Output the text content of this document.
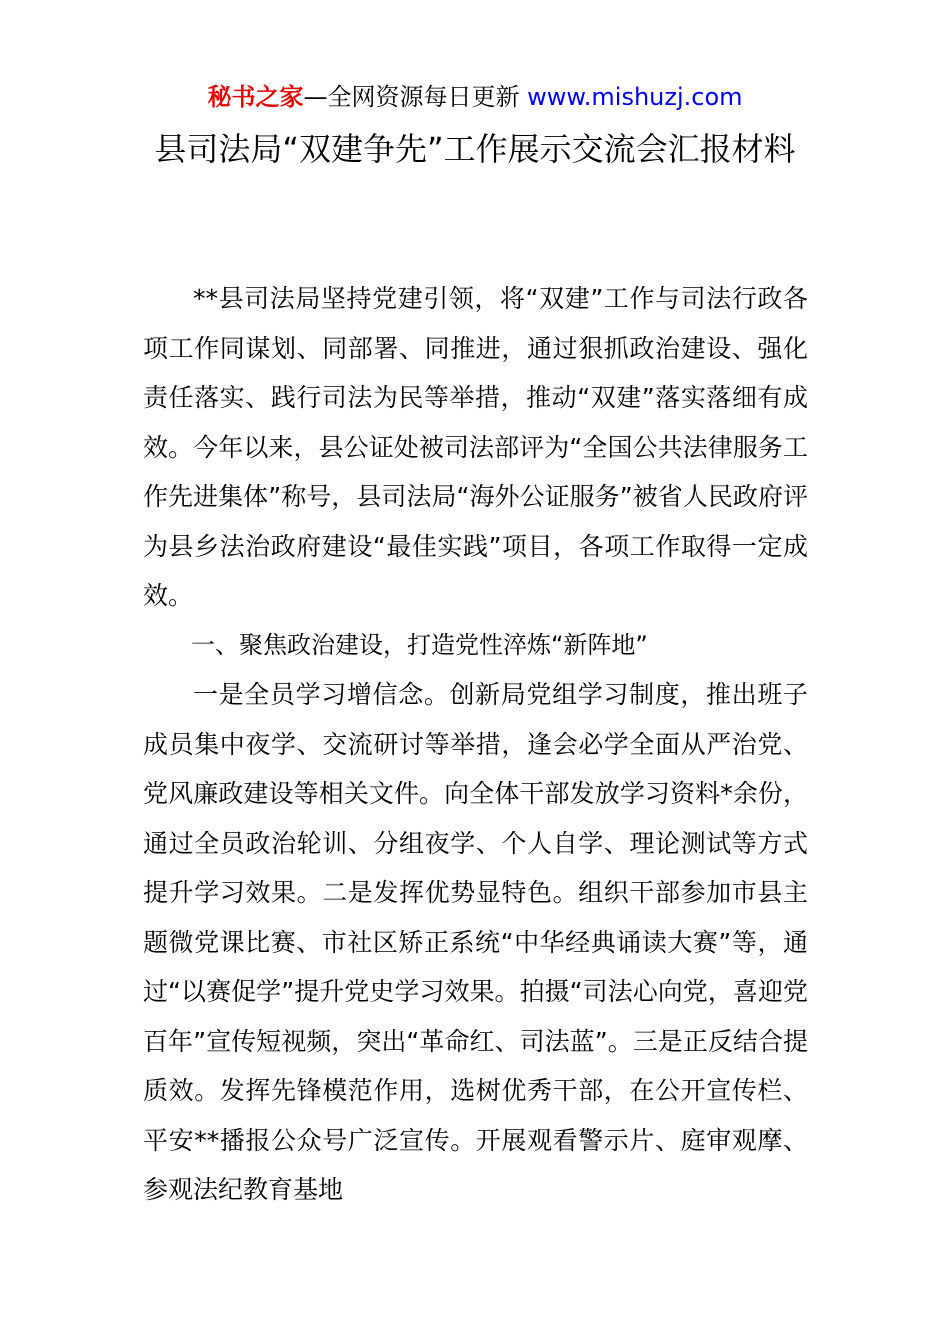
秘书之家—全网资源每日更新 www.mishuzj.com
县司法局“双建争先”工作展示交流会汇报材料

**县司法局坚持党建引领，将“双建”工作与司法行政各项工作同谋划、同部署、同推进，通过狠抓政治建设、强化责任落实、践行司法为民等举措，推动“双建”落实落细有成效。今年以来，县公证处被司法部评为“全国公共法律服务工作先进集体”称号，县司法局“海外公证服务”被省人民政府评为县乡法治政府建设“最佳实践”项目，各项工作取得一定成效。

一、聚焦政治建设，打造党性淬炼“新阵地”

一是全员学习增信念。创新局党组学习制度，推出班子成员集中夜学、交流研讨等举措，逢会必学全面从严治党、党风廉政建设等相关文件。向全体干部发放学习资料*余份，通过全员政治轮训、分组夜学、个人自学、理论测试等方式提升学习效果。二是发挥优势显特色。组织干部参加市县主题微党课比赛、市社区矫正系统“中华经典诵读大赛”等，通过“以赛促学”提升党史学习效果。拍摄“司法心向党，喜迎党百年”宣传短视频，突出“革命红、司法蓝”。三是正反结合提质效。发挥先锋模范作用，选树优秀干部，在公开宣传栏、平安**播报公众号广泛宣传。开展观看警示片、庭审观摩、参观法纪教育基地
